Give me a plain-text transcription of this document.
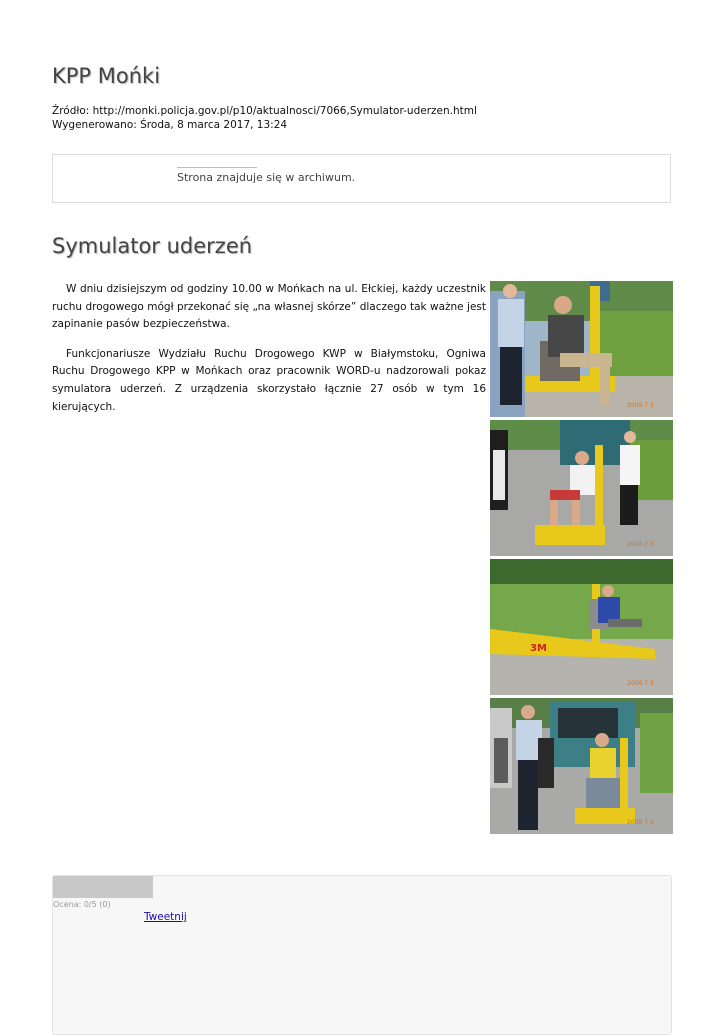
KPP Mońki
Źródło: http://monki.policja.gov.pl/p10/aktualnosci/7066,Symulator-uderzen.html
Wygenerowano: Środa, 8 marca 2017, 13:24
Strona znajduje się w archiwum.
Symulator uderzeń

W dniu dzisiejszym od godziny 10.00 w Mońkach na ul. Ełckiej, każdy uczestnik ruchu drogowego mógł przekonać się „na własnej skórze” dlaczego tak ważne jest zapinanie pasów bezpieczeństwa.

Funkcjonariusze Wydziału Ruchu Drogowego KWP w Białymstoku, Ogniwa Ruchu Drogowego KPP w Mońkach oraz pracownik WORD-u nadzorowali pokaz symulatora uderzeń. Z urządzenia skorzystało łącznie 27 osób w tym 16 kierujących.	2008 7 3
2008 7 3
3M
2008 7 3
2008 7 3
Ocena: 0/5 (0)
Tweetnij
